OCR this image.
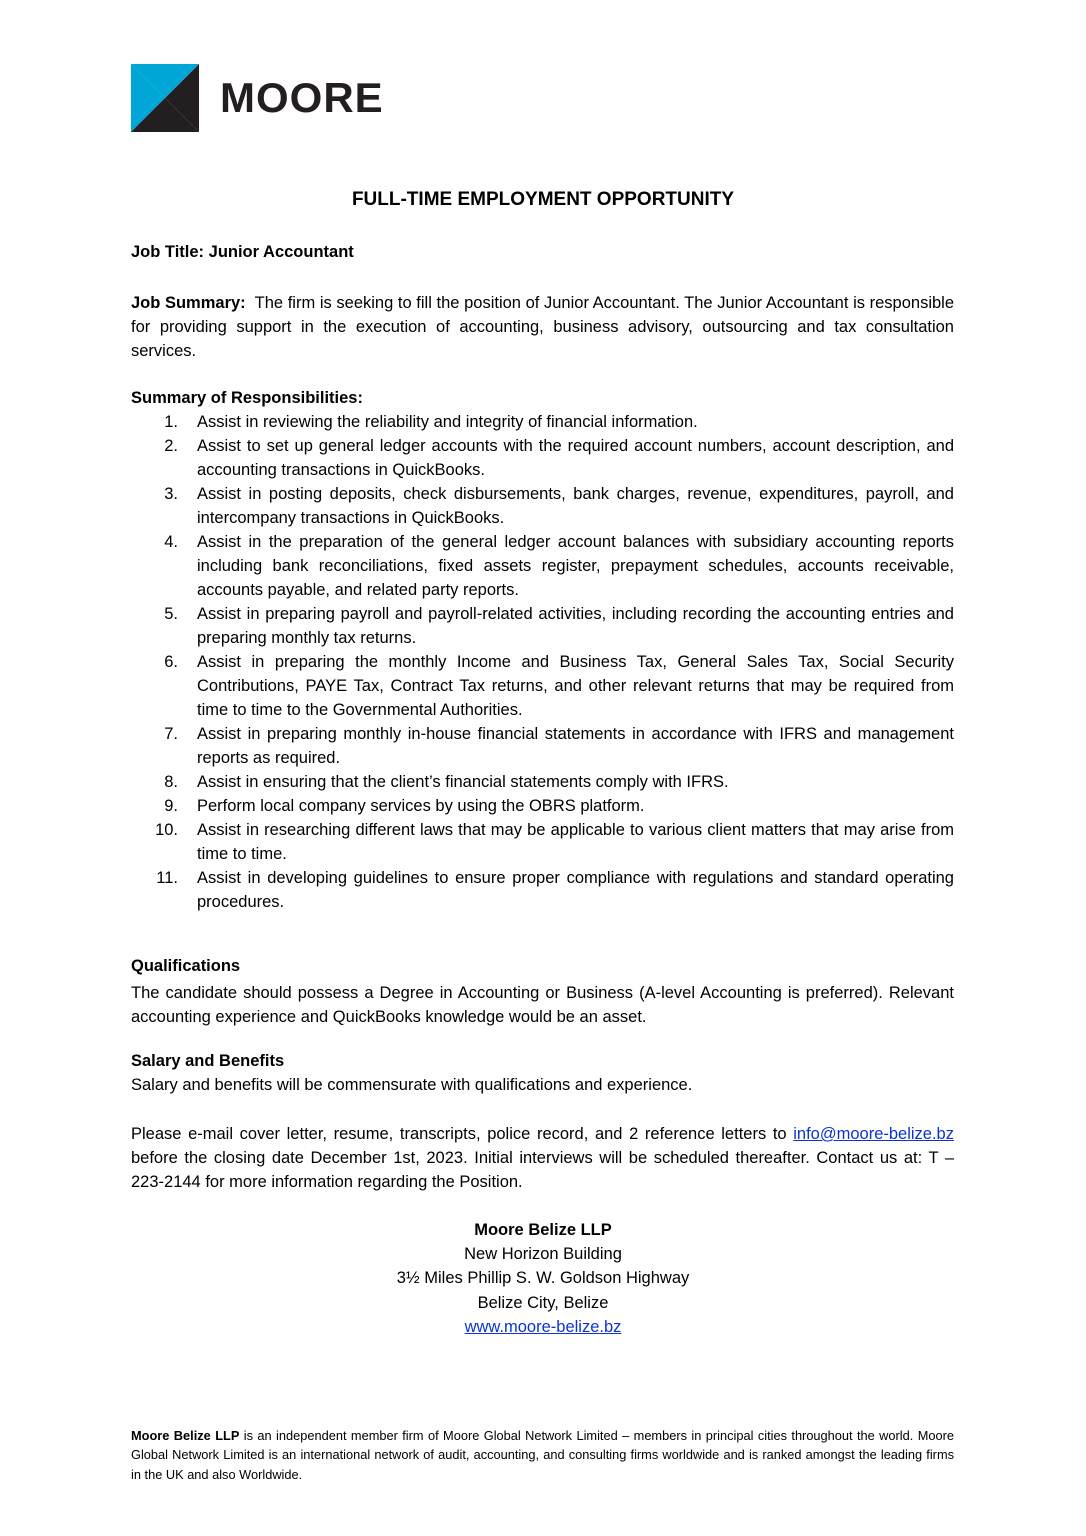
MOORE
FULL-TIME EMPLOYMENT OPPORTUNITY
Job Title: Junior Accountant
Job Summary: The firm is seeking to fill the position of Junior Accountant. The Junior Accountant is responsible for providing support in the execution of accounting, business advisory, outsourcing and tax consultation services.
Summary of Responsibilities:
1. Assist in reviewing the reliability and integrity of financial information.
2. Assist to set up general ledger accounts with the required account numbers, account description, and accounting transactions in QuickBooks.
3. Assist in posting deposits, check disbursements, bank charges, revenue, expenditures, payroll, and intercompany transactions in QuickBooks.
4. Assist in the preparation of the general ledger account balances with subsidiary accounting reports including bank reconciliations, fixed assets register, prepayment schedules, accounts receivable, accounts payable, and related party reports.
5. Assist in preparing payroll and payroll-related activities, including recording the accounting entries and preparing monthly tax returns.
6. Assist in preparing the monthly Income and Business Tax, General Sales Tax, Social Security Contributions, PAYE Tax, Contract Tax returns, and other relevant returns that may be required from time to time to the Governmental Authorities.
7. Assist in preparing monthly in-house financial statements in accordance with IFRS and management reports as required.
8. Assist in ensuring that the client’s financial statements comply with IFRS.
9. Perform local company services by using the OBRS platform.
10. Assist in researching different laws that may be applicable to various client matters that may arise from time to time.
11. Assist in developing guidelines to ensure proper compliance with regulations and standard operating procedures.
Qualifications
The candidate should possess a Degree in Accounting or Business (A-level Accounting is preferred). Relevant accounting experience and QuickBooks knowledge would be an asset.
Salary and Benefits
Salary and benefits will be commensurate with qualifications and experience.
Please e-mail cover letter, resume, transcripts, police record, and 2 reference letters to info@moore-belize.bz before the closing date December 1st, 2023. Initial interviews will be scheduled thereafter. Contact us at: T – 223-2144 for more information regarding the Position.
Moore Belize LLP
New Horizon Building
3½ Miles Phillip S. W. Goldson Highway
Belize City, Belize
www.moore-belize.bz
Moore Belize LLP is an independent member firm of Moore Global Network Limited – members in principal cities throughout the world. Moore Global Network Limited is an international network of audit, accounting, and consulting firms worldwide and is ranked amongst the leading firms in the UK and also Worldwide.
